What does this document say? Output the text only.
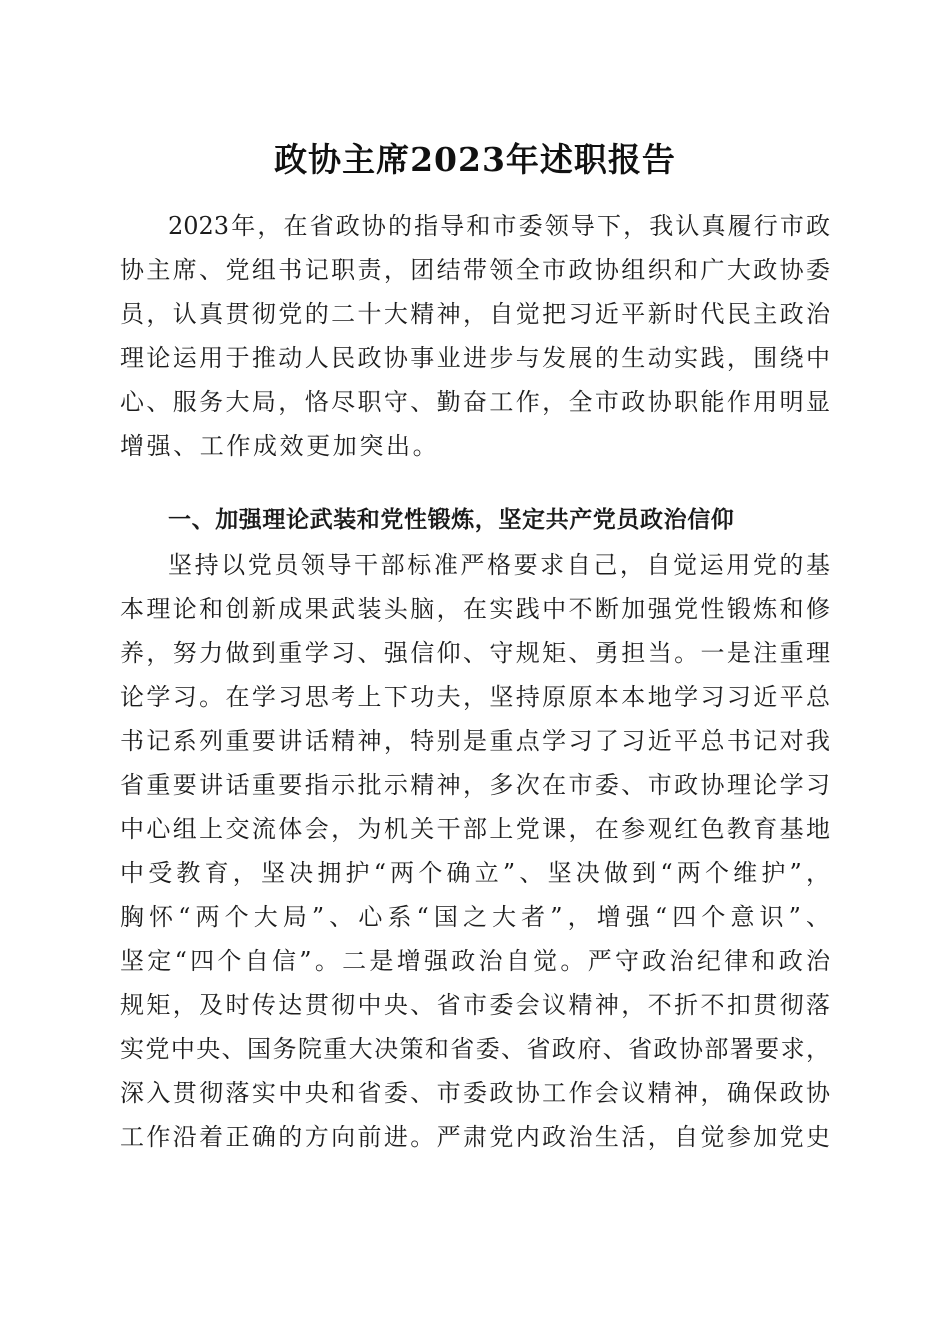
政协主席2023年述职报告
2023年，在省政协的指导和市委领导下，我认真履行市政
协主席、党组书记职责，团结带领全市政协组织和广大政协委
员，认真贯彻党的二十大精神，自觉把习近平新时代民主政治
理论运用于推动人民政协事业进步与发展的生动实践，围绕中
心、服务大局，恪尽职守、勤奋工作，全市政协职能作用明显
增强、工作成效更加突出。
一、加强理论武装和党性锻炼，坚定共产党员政治信仰
坚持以党员领导干部标准严格要求自己，自觉运用党的基
本理论和创新成果武装头脑，在实践中不断加强党性锻炼和修
养，努力做到重学习、强信仰、守规矩、勇担当。一是注重理
论学习。在学习思考上下功夫，坚持原原本本地学习习近平总
书记系列重要讲话精神，特别是重点学习了习近平总书记对我
省重要讲话重要指示批示精神，多次在市委、市政协理论学习
中心组上交流体会，为机关干部上党课，在参观红色教育基地
中受教育，坚决拥护“两个确立”、坚决做到“两个维护”，
胸怀“两个大局”、心系“国之大者”，增强“四个意识”、
坚定“四个自信”。二是增强政治自觉。严守政治纪律和政治
规矩，及时传达贯彻中央、省市委会议精神，不折不扣贯彻落
实党中央、国务院重大决策和省委、省政府、省政协部署要求，
深入贯彻落实中央和省委、市委政协工作会议精神，确保政协
工作沿着正确的方向前进。严肃党内政治生活，自觉参加党史
